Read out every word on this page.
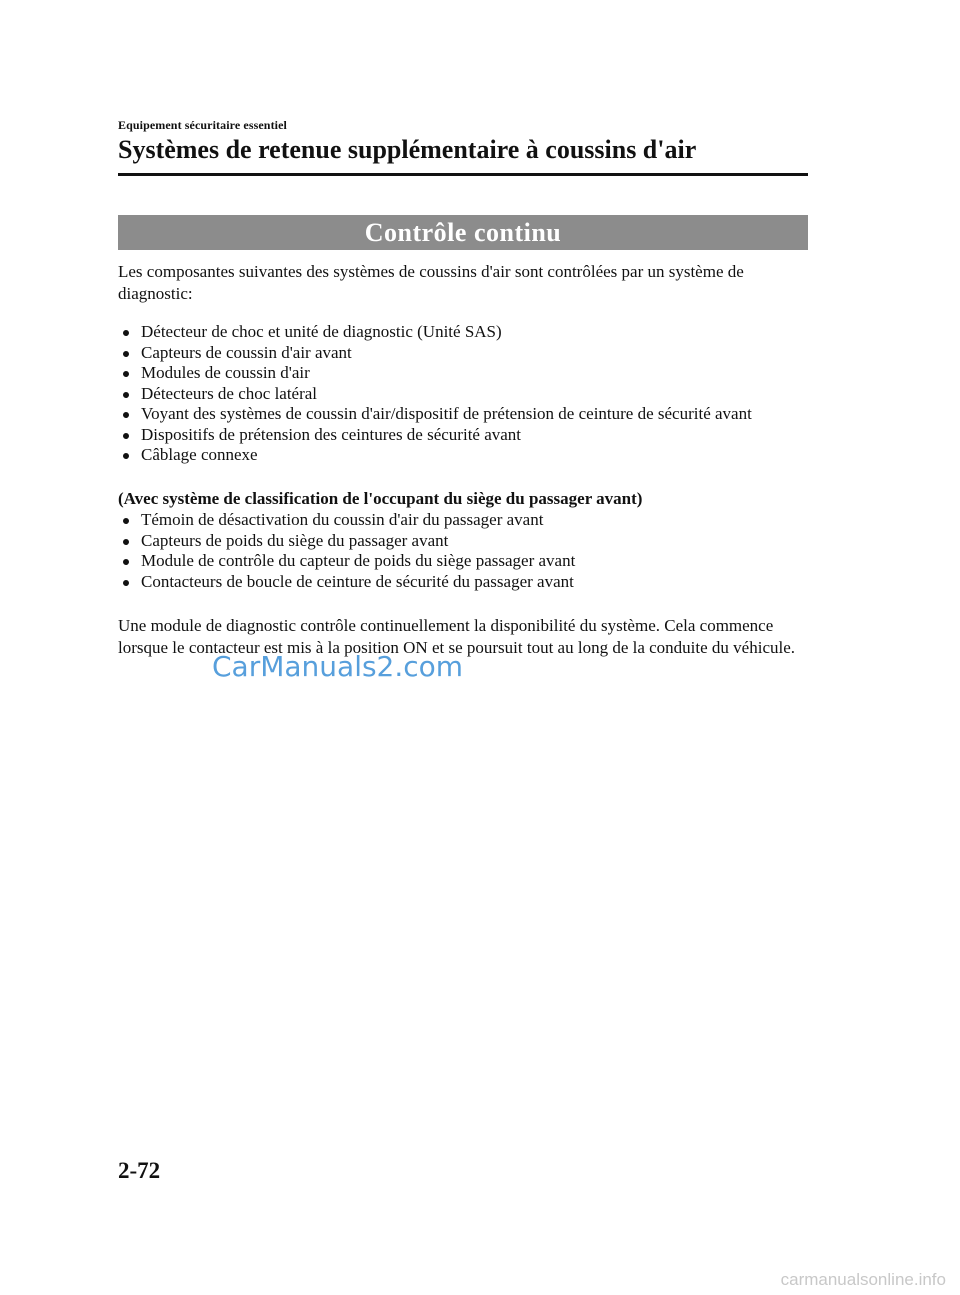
Equipement sécuritaire essentiel
Systèmes de retenue supplémentaire à coussins d'air
Contrôle continu
Les composantes suivantes des systèmes de coussins d'air sont contrôlées par un système de diagnostic:
Détecteur de choc et unité de diagnostic (Unité SAS)
Capteurs de coussin d'air avant
Modules de coussin d'air
Détecteurs de choc latéral
Voyant des systèmes de coussin d'air/dispositif de prétension de ceinture de sécurité avant
Dispositifs de prétension des ceintures de sécurité avant
Câblage connexe
(Avec système de classification de l'occupant du siège du passager avant)
Témoin de désactivation du coussin d'air du passager avant
Capteurs de poids du siège du passager avant
Module de contrôle du capteur de poids du siège passager avant
Contacteurs de boucle de ceinture de sécurité du passager avant
Une module de diagnostic contrôle continuellement la disponibilité du système. Cela commence lorsque le contacteur est mis à la position ON et se poursuit tout au long de la conduite du véhicule.
CarManuals2.com
2-72
carmanualsonline.info
